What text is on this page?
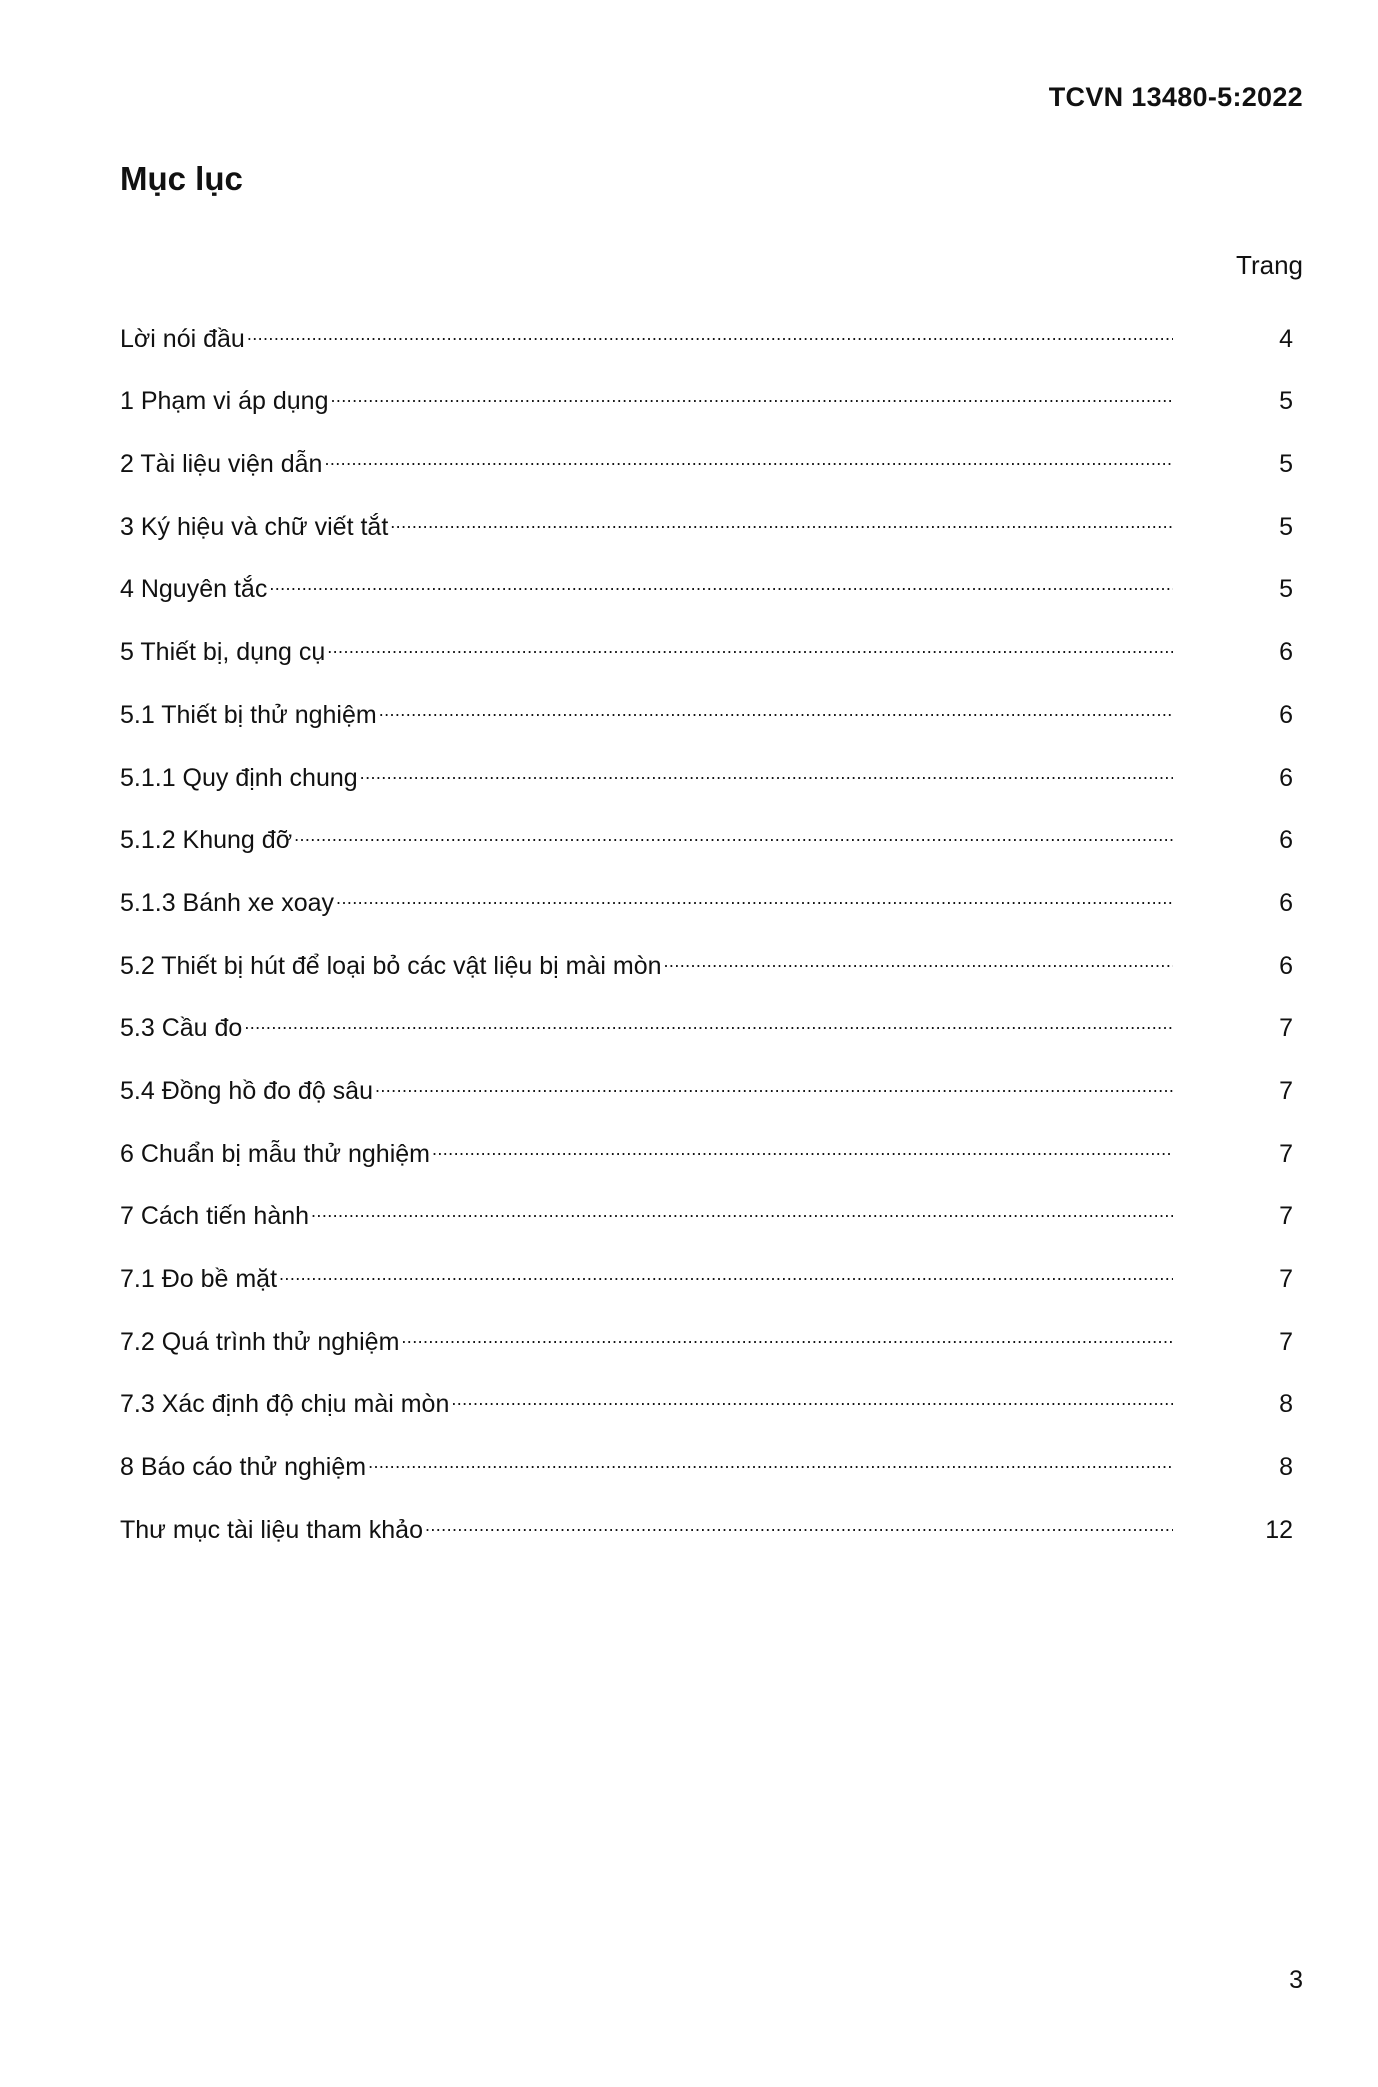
TCVN 13480-5:2022
Mục lục
Trang
Lời nói đầu .....	4
1 Phạm vi áp dụng .....	5
2 Tài liệu viện dẫn .....	5
3 Ký hiệu và chữ viết tắt .....	5
4 Nguyên tắc .....	5
5 Thiết bị, dụng cụ .....	6
5.1 Thiết bị thử nghiệm .....	6
5.1.1 Quy định chung .....	6
5.1.2 Khung đỡ .....	6
5.1.3 Bánh xe xoay .....	6
5.2 Thiết bị hút để loại bỏ các vật liệu bị mài mòn .....	6
5.3 Cầu đo .....	7
5.4 Đồng hồ đo độ sâu .....	7
6 Chuẩn bị mẫu thử nghiệm .....	7
7 Cách tiến hành .....	7
7.1 Đo bề mặt .....	7
7.2 Quá trình thử nghiệm .....	7
7.3 Xác định độ chịu mài mòn .....	8
8 Báo cáo thử nghiệm .....	8
Thư mục tài liệu tham khảo .....	12
3
